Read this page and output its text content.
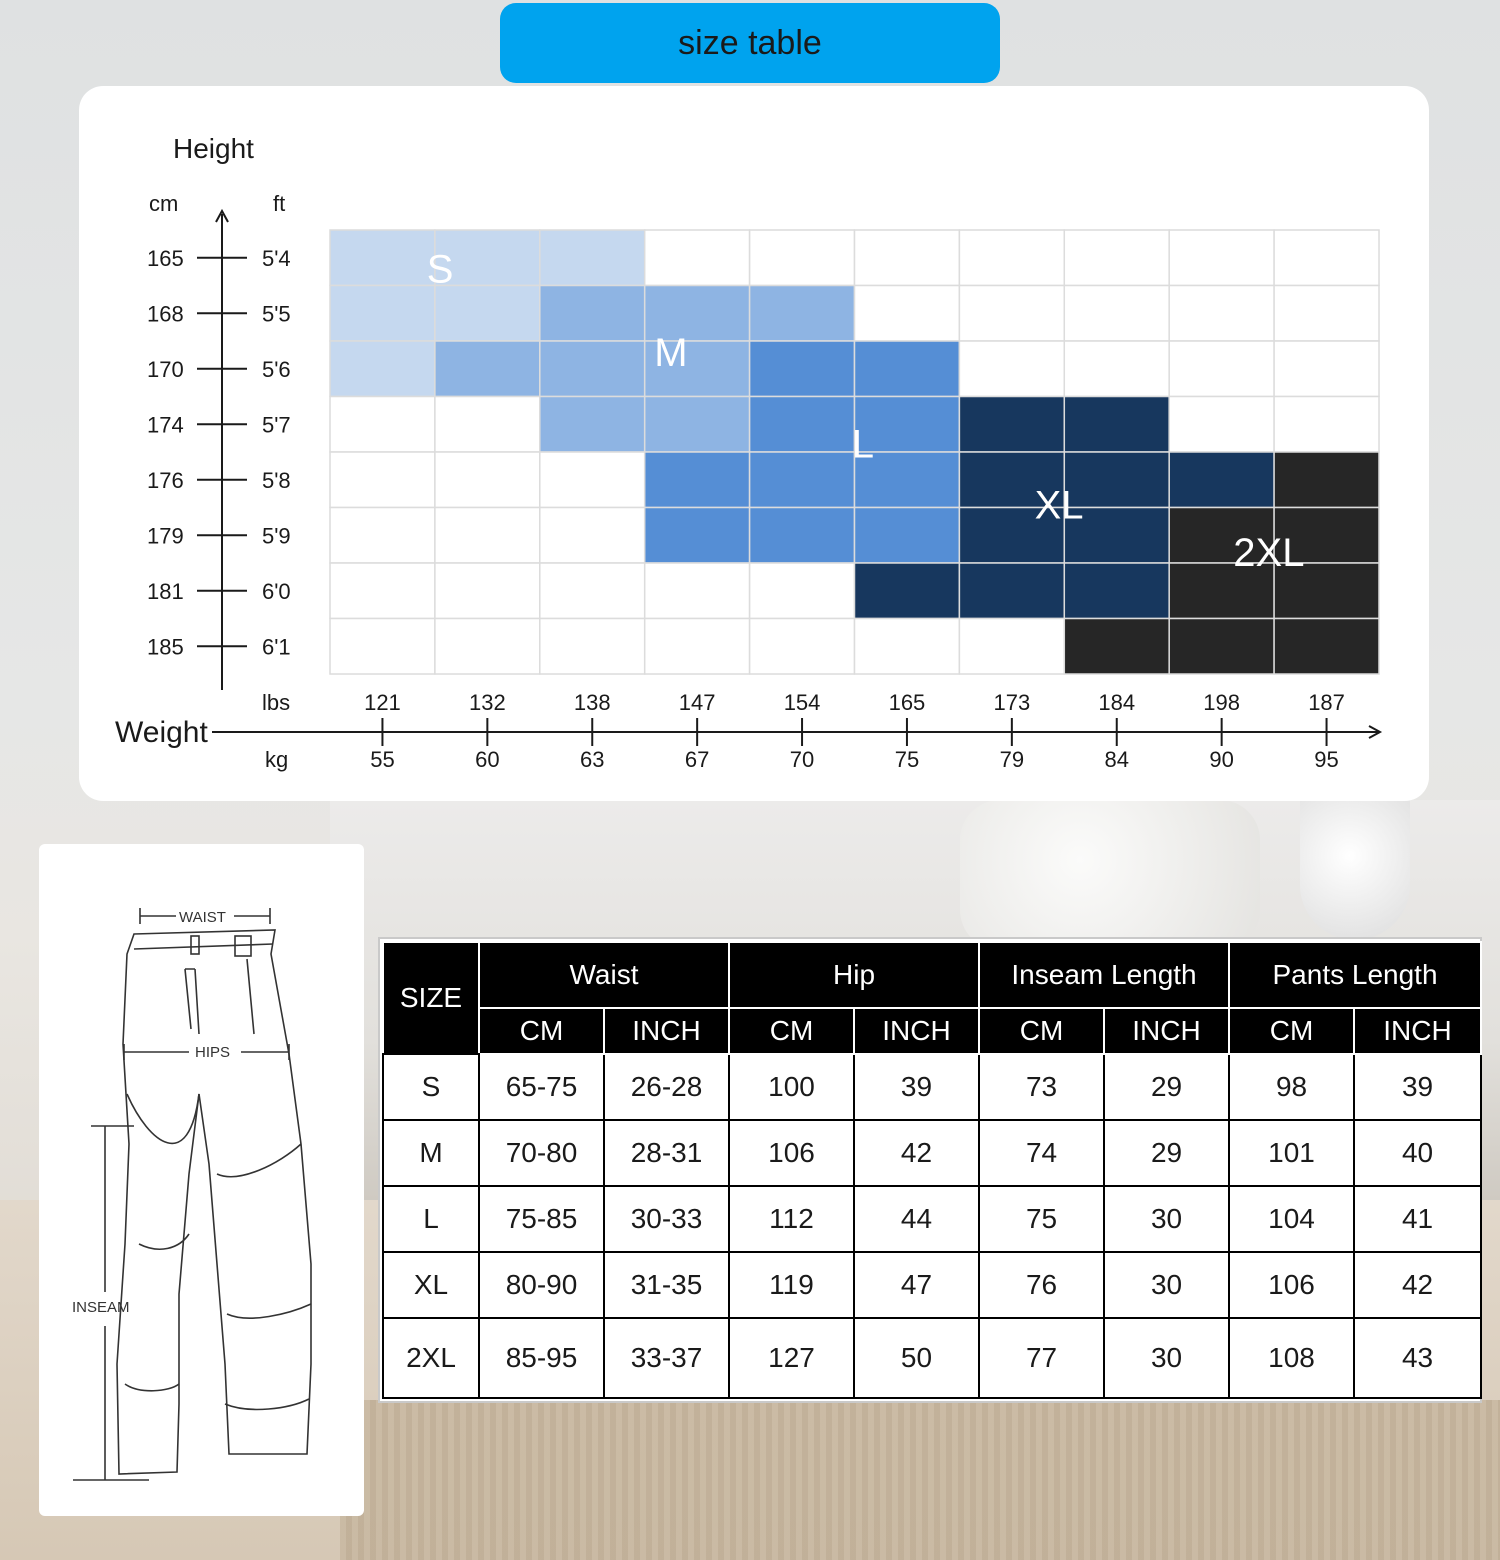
size table
Height
cm	ft
Weight
lbs
kg
165	5'4
168	5'5
170	5'6
174	5'7
176	5'8
179	5'9
181	6'0
185	6'1
121
55
132
60
138
63
147
67
154
70
165
75
173
79
184
84
198
90
187
95
S
M
L
XL
2XL
WAIST
HIPS
INSEAM
SIZE	Waist		Hip		Inseam Length		Pants Length	
	CM	INCH	CM	INCH	CM	INCH	CM	INCH
S	65-75	26-28	100	39	73	29	98	39
M	70-80	28-31	106	42	74	29	101	40
L	75-85	30-33	112	44	75	30	104	41
XL	80-90	31-35	119	47	76	30	106	42
2XL	85-95	33-37	127	50	77	30	108	43
